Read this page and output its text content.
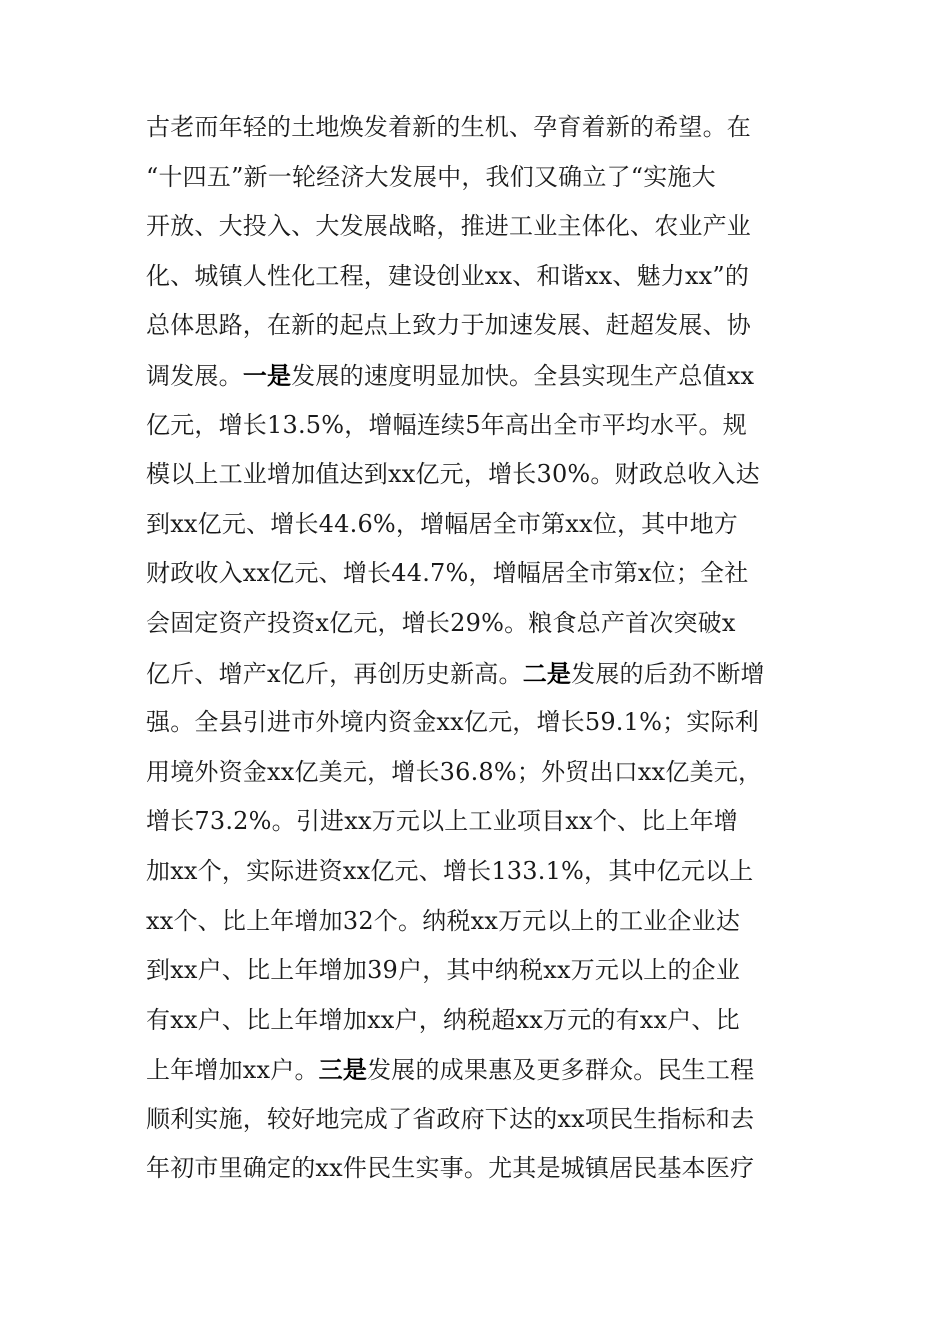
古老而年轻的土地焕发着新的生机、孕育着新的希望。在
“十四五”新一轮经济大发展中，我们又确立了“实施大
开放、大投入、大发展战略，推进工业主体化、农业产业
化、城镇人性化工程，建设创业xx、和谐xx、魅力xx”的
总体思路，在新的起点上致力于加速发展、赶超发展、协
调发展。一是发展的速度明显加快。全县实现生产总值xx
亿元，增长13.5%，增幅连续5年高出全市平均水平。规
模以上工业增加值达到xx亿元，增长30%。财政总收入达
到xx亿元、增长44.6%，增幅居全市第xx位，其中地方
财政收入xx亿元、增长44.7%，增幅居全市第x位；全社
会固定资产投资x亿元，增长29%。粮食总产首次突破x
亿斤、增产x亿斤，再创历史新高。二是发展的后劲不断增
强。全县引进市外境内资金xx亿元，增长59.1%；实际利
用境外资金xx亿美元，增长36.8%；外贸出口xx亿美元，
增长73.2%。引进xx万元以上工业项目xx个、比上年增
加xx个，实际进资xx亿元、增长133.1%，其中亿元以上
xx个、比上年增加32个。纳税xx万元以上的工业企业达
到xx户、比上年增加39户，其中纳税xx万元以上的企业
有xx户、比上年增加xx户，纳税超xx万元的有xx户、比
上年增加xx户。三是发展的成果惠及更多群众。民生工程
顺利实施，较好地完成了省政府下达的xx项民生指标和去
年初市里确定的xx件民生实事。尤其是城镇居民基本医疗
